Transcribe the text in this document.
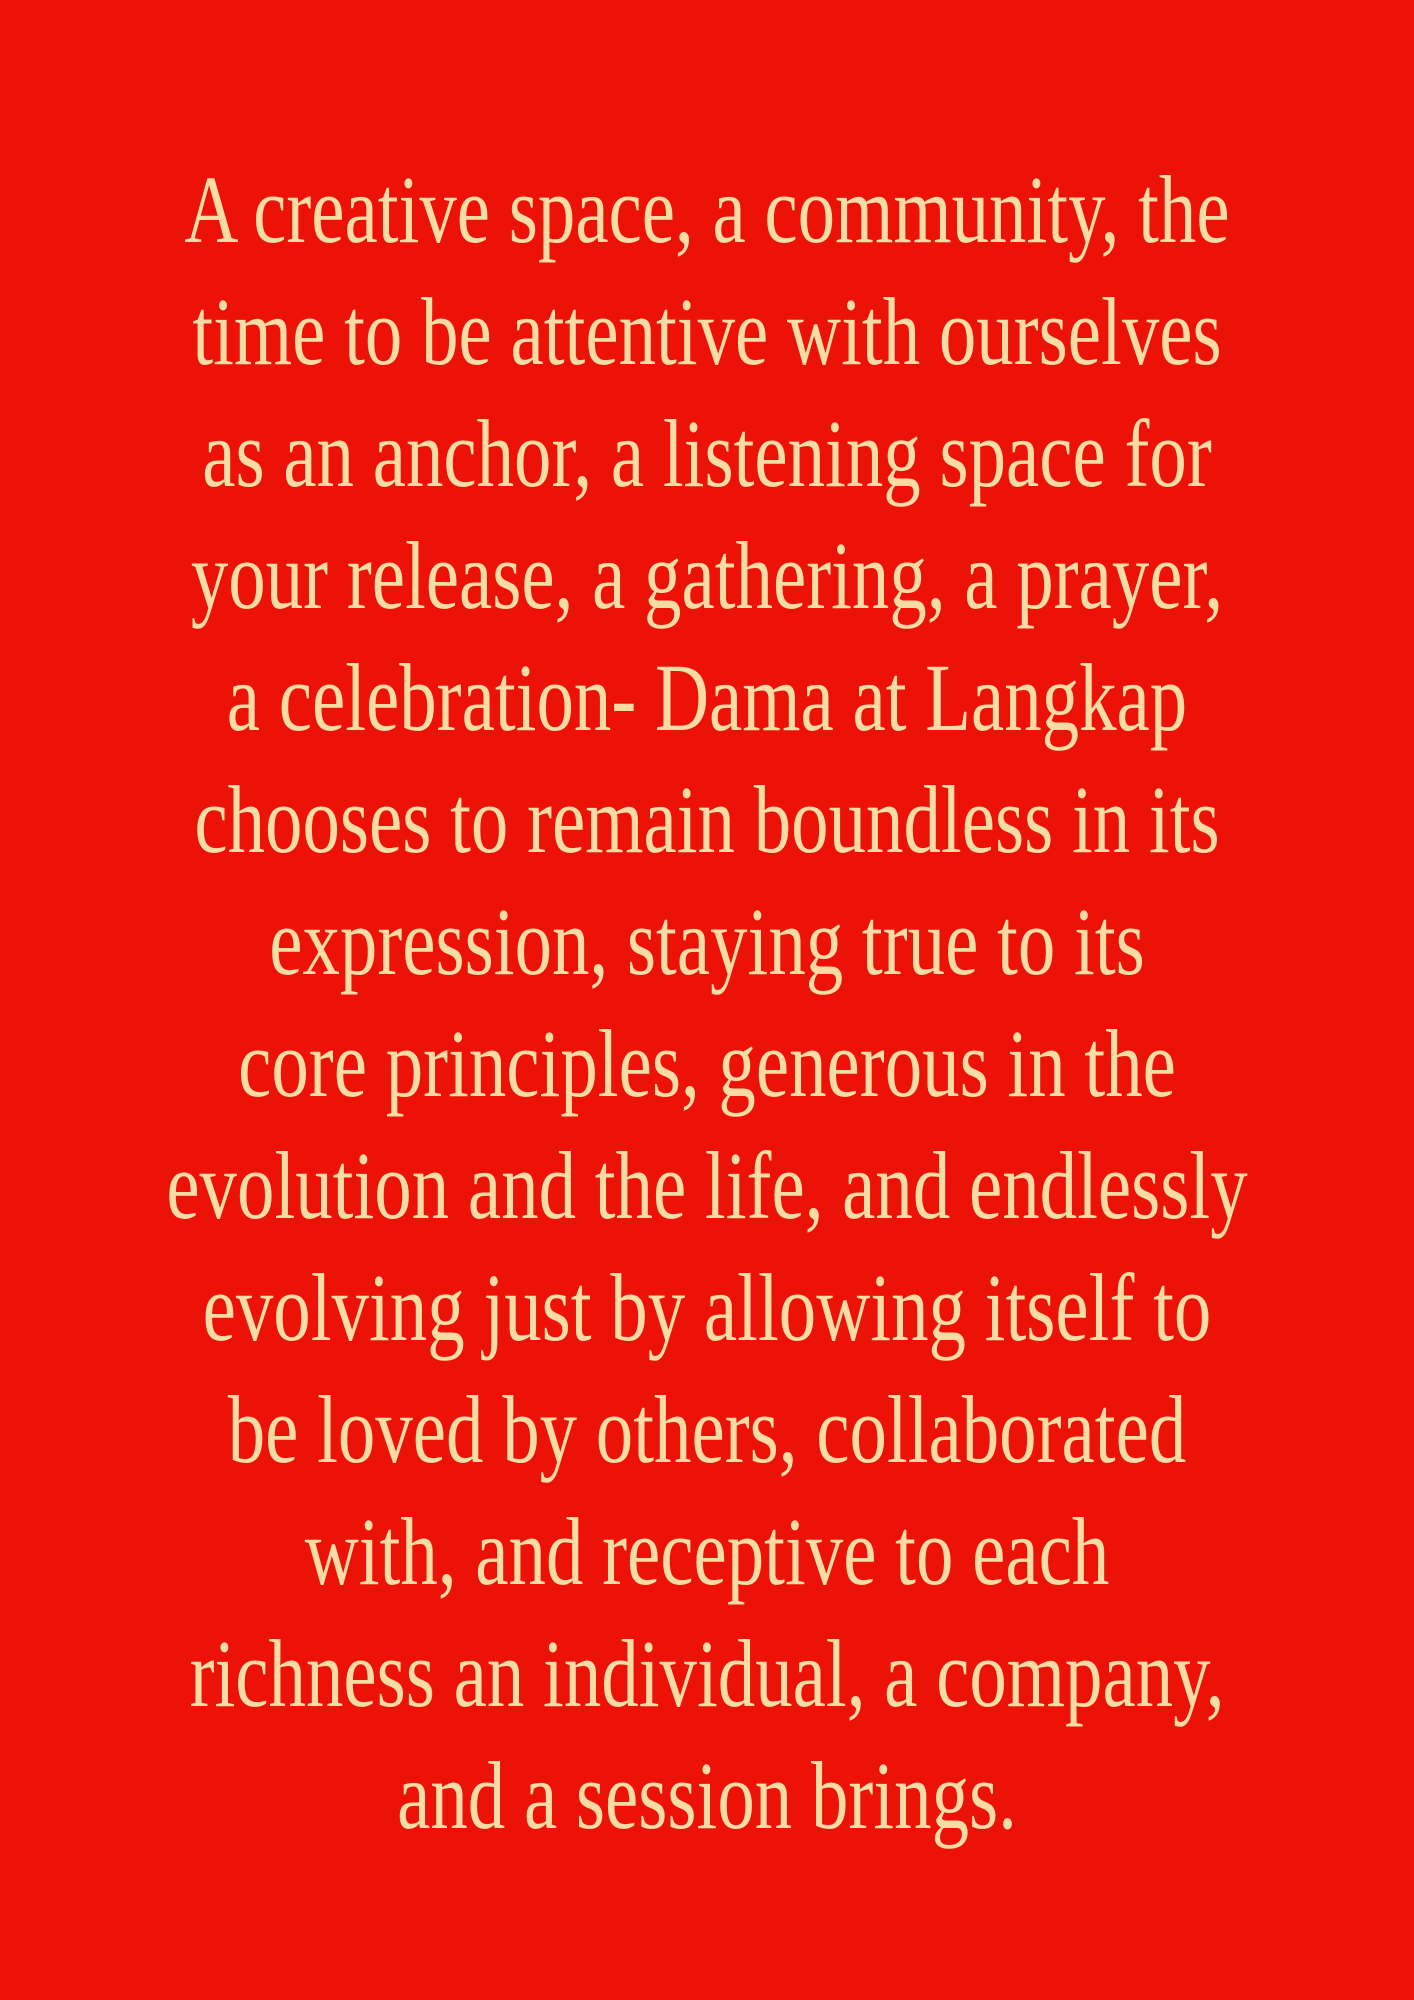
A creative space, a community, the
time to be attentive with ourselves
as an anchor, a listening space for
your release, a gathering, a prayer,
a celebration- Dama at Langkap
chooses to remain boundless in its
expression, staying true to its
core principles, generous in the
evolution and the life, and endlessly
evolving just by allowing itself to
be loved by others, collaborated
with, and receptive to each
richness an individual, a company,
and a session brings.
